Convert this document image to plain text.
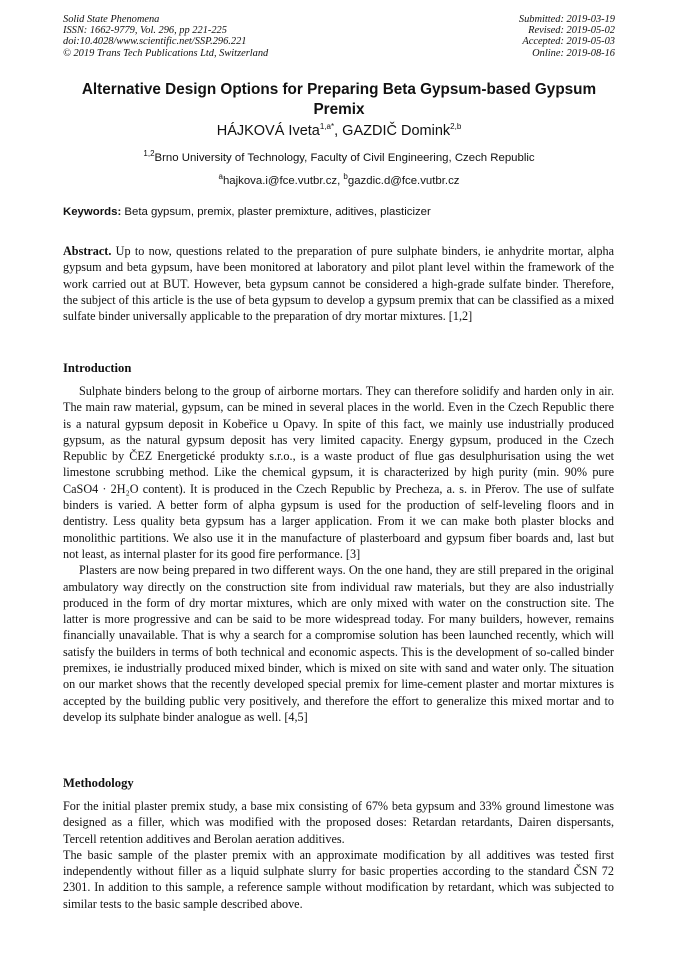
Solid State Phenomena
ISSN: 1662-9779, Vol. 296, pp 221-225
doi:10.4028/www.scientific.net/SSP.296.221
© 2019 Trans Tech Publications Ltd, Switzerland
Submitted: 2019-03-19
Revised: 2019-05-02
Accepted: 2019-05-03
Online: 2019-08-16
Alternative Design Options for Preparing Beta Gypsum-based Gypsum Premix
HÁJKOVÁ Iveta$^{1,a*}$, GAZDIČ Domink$^{2,b}$
$^{1,2}$Brno University of Technology, Faculty of Civil Engineering, Czech Republic
$^a$hajkova.i@fce.vutbr.cz, $^b$gazdic.d@fce.vutbr.cz
Keywords: Beta gypsum, premix, plaster premixture, aditives, plasticizer

Abstract. Up to now, questions related to the preparation of pure sulphate binders, ie anhydrite mortar, alpha gypsum and beta gypsum, have been monitored at laboratory and pilot plant level within the framework of the work carried out at BUT. However, beta gypsum cannot be considered a high-grade sulfate binder. Therefore, the subject of this article is the use of beta gypsum to develop a gypsum premix that can be classified as a mixed sulfate binder universally applicable to the preparation of dry mortar mixtures. [1,2]

Introduction

Sulphate binders belong to the group of airborne mortars. They can therefore solidify and harden only in air. The main raw material, gypsum, can be mined in several places in the world. Even in the Czech Republic there is a natural gypsum deposit in Kobeřice u Opavy. In spite of this fact, we mainly use industrially produced gypsum, as the natural gypsum deposit has very limited capacity. Energy gypsum, produced in the Czech Republic by ČEZ Energetické produkty s.r.o., is a waste product of flue gas desulphurisation using the wet limestone scrubbing method. Like the chemical gypsum, it is characterized by high purity (min. 90% pure CaSO4 · 2H₂O content). It is produced in the Czech Republic by Precheza, a. s. in Přerov. The use of sulfate binders is varied. A better form of alpha gypsum is used for the production of self-leveling floors and in dentistry. Less quality beta gypsum has a larger application. From it we can make both plaster blocks and monolithic partitions. We also use it in the manufacture of plasterboard and gypsum fiber boards and, last but not least, as internal plaster for its good fire performance. [3]

Plasters are now being prepared in two different ways. On the one hand, they are still prepared in the original ambulatory way directly on the construction site from individual raw materials, but they are also industrially produced in the form of dry mortar mixtures, which are only mixed with water on the construction site. The latter is more progressive and can be said to be more widespread today. For many builders, however, remains financially unavailable. That is why a search for a compromise solution has been launched recently, which will satisfy the builders in terms of both technical and economic aspects. This is the development of so-called binder premixes, ie industrially produced mixed binder, which is mixed on site with sand and water only. The situation on our market shows that the recently developed special premix for lime-cement plaster and mortar mixtures is accepted by the building public very positively, and therefore the effort to generalize this mixed mortar and to develop its sulphate binder analogue as well. [4,5]

Methodology

For the initial plaster premix study, a base mix consisting of 67% beta gypsum and 33% ground limestone was designed as a filler, which was modified with the proposed doses: Retardan retardants, Dairen dispersants, Tercell retention additives and Berolan aeration additives.

The basic sample of the plaster premix with an approximate modification by all additives was tested first independently without filler as a liquid sulphate slurry for basic properties according to the standard ČSN 72 2301. In addition to this sample, a reference sample without modification by retardant, which was subjected to similar tests to the basic sample described above.
